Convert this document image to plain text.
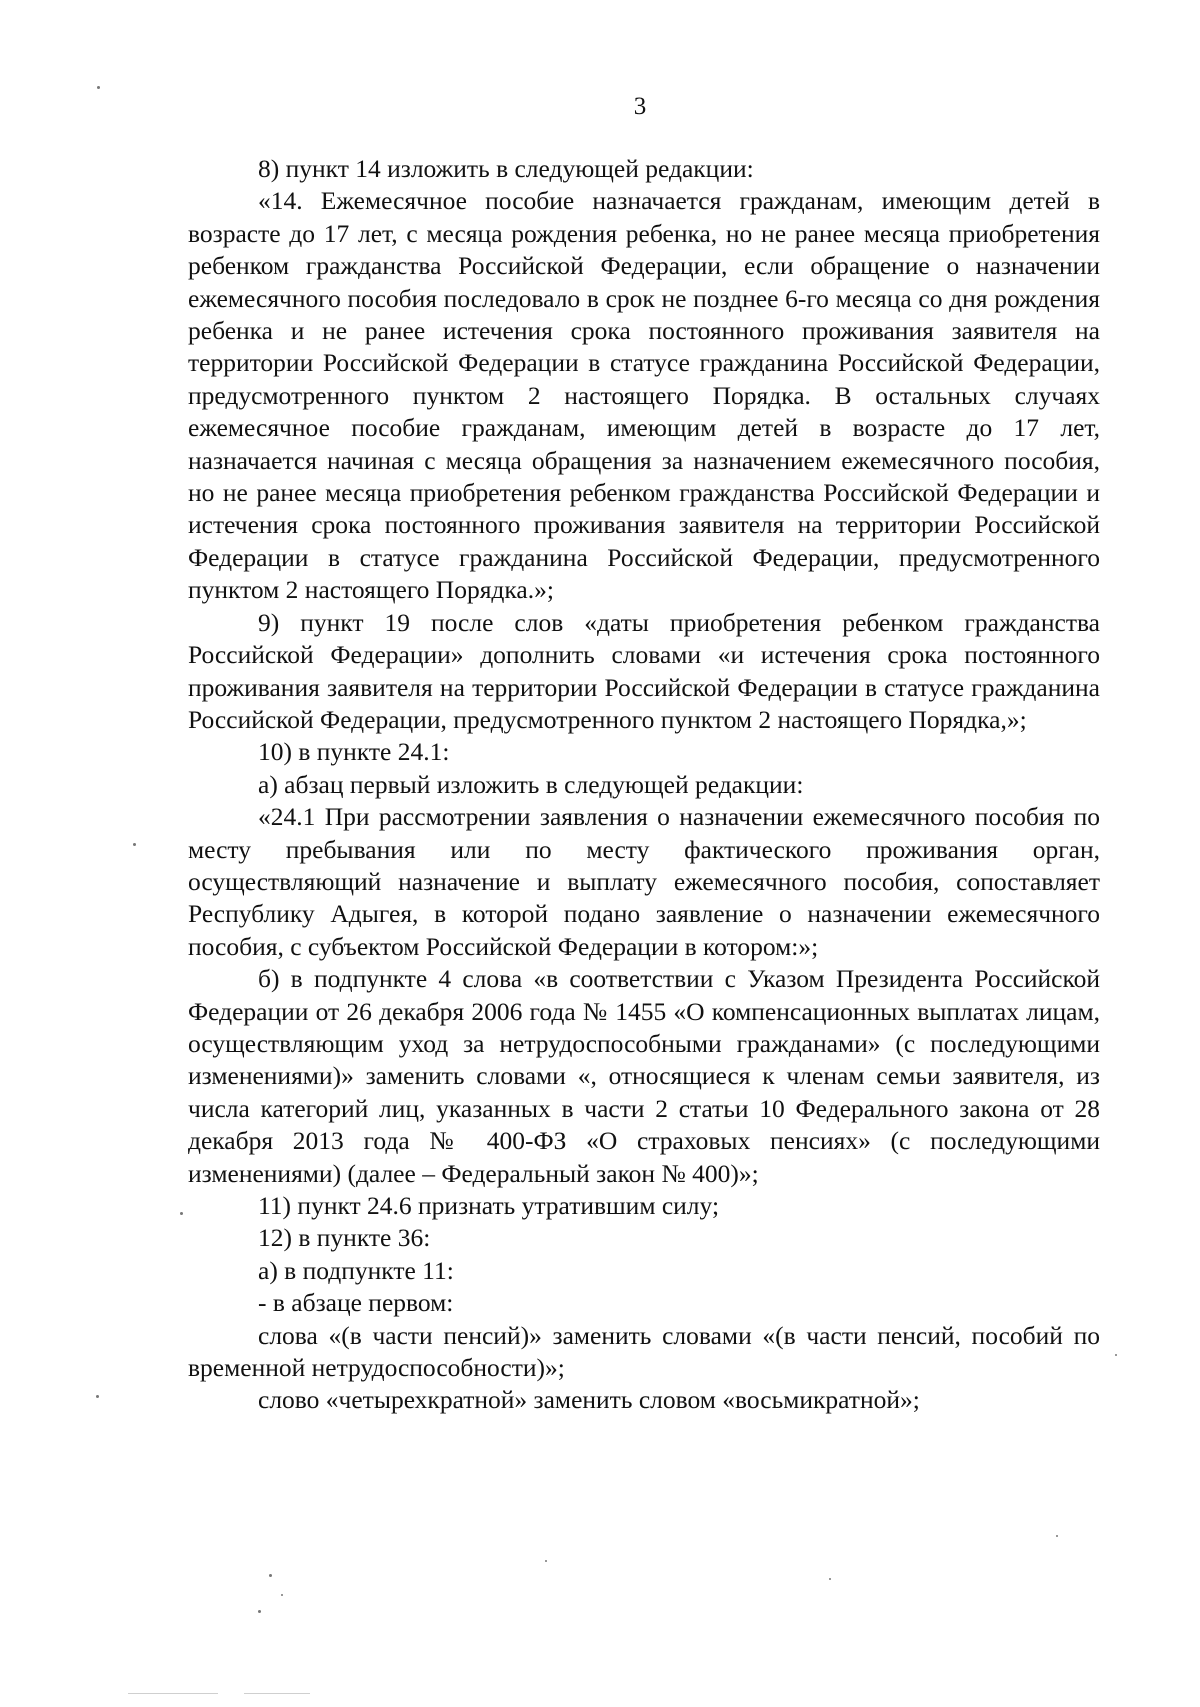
3

8) пункт 14 изложить в следующей редакции:

«14. Ежемесячное пособие назначается гражданам, имеющим детей в возрасте до 17 лет, с месяца рождения ребенка, но не ранее месяца приобретения ребенком гражданства Российской Федерации, если обращение о назначении ежемесячного пособия последовало в срок не позднее 6-го месяца со дня рождения ребенка и не ранее истечения срока постоянного проживания заявителя на территории Российской Федерации в статусе гражданина Российской Федерации, предусмотренного пунктом 2 настоящего Порядка. В остальных случаях ежемесячное пособие гражданам, имеющим детей в возрасте до 17 лет, назначается начиная с месяца обращения за назначением ежемесячного пособия, но не ранее месяца приобретения ребенком гражданства Российской Федерации и истечения срока постоянного проживания заявителя на территории Российской Федерации в статусе гражданина Российской Федерации, предусмотренного пунктом 2 настоящего Порядка.»;

9) пункт 19 после слов «даты приобретения ребенком гражданства Российской Федерации» дополнить словами «и истечения срока постоянного проживания заявителя на территории Российской Федерации в статусе гражданина Российской Федерации, предусмотренного пунктом 2 настоящего Порядка,»;

10) в пункте 24.1:

а) абзац первый изложить в следующей редакции:

«24.1 При рассмотрении заявления о назначении ежемесячного пособия по месту пребывания или по месту фактического проживания орган, осуществляющий назначение и выплату ежемесячного пособия, сопоставляет Республику Адыгея, в которой подано заявление о назначении ежемесячного пособия, с субъектом Российской Федерации в котором:»;

б) в подпункте 4 слова «в соответствии с Указом Президента Российской Федерации от 26 декабря 2006 года № 1455 «О компенсационных выплатах лицам, осуществляющим уход за нетрудоспособными гражданами» (с последующими изменениями)» заменить словами «, относящиеся к членам семьи заявителя, из числа категорий лиц, указанных в части 2 статьи 10 Федерального закона от 28 декабря 2013 года № 400-ФЗ «О страховых пенсиях» (с последующими изменениями) (далее – Федеральный закон № 400)»;

11) пункт 24.6 признать утратившим силу;

12) в пункте 36:

а) в подпункте 11:

- в абзаце первом:

слова «(в части пенсий)» заменить словами «(в части пенсий, пособий по временной нетрудоспособности)»;

слово «четырехкратной» заменить словом «восьмикратной»;
